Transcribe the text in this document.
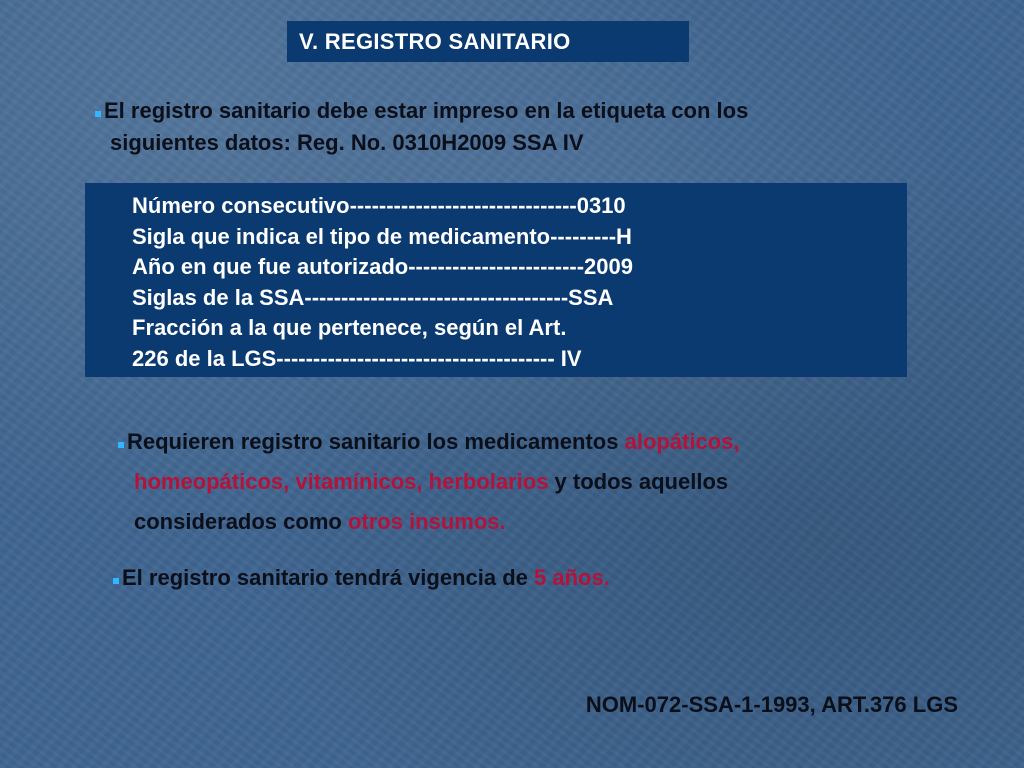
V. REGISTRO SANITARIO
El registro sanitario debe estar impreso en la etiqueta con los
siguientes datos: Reg. No. 0310H2009 SSA IV
Número consecutivo-------------------------------0310
Sigla que indica el tipo de medicamento---------H
Año en que fue autorizado------------------------2009
Siglas de la SSA------------------------------------SSA
Fracción a la que pertenece, según el Art.
226 de la LGS-------------------------------------- IV
Requieren registro sanitario los medicamentos alopáticos,
homeopáticos, vitamínicos, herbolarios y todos aquellos
considerados como otros insumos.
El registro sanitario tendrá vigencia de 5 años.
NOM-072-SSA-1-1993, ART.376 LGS
